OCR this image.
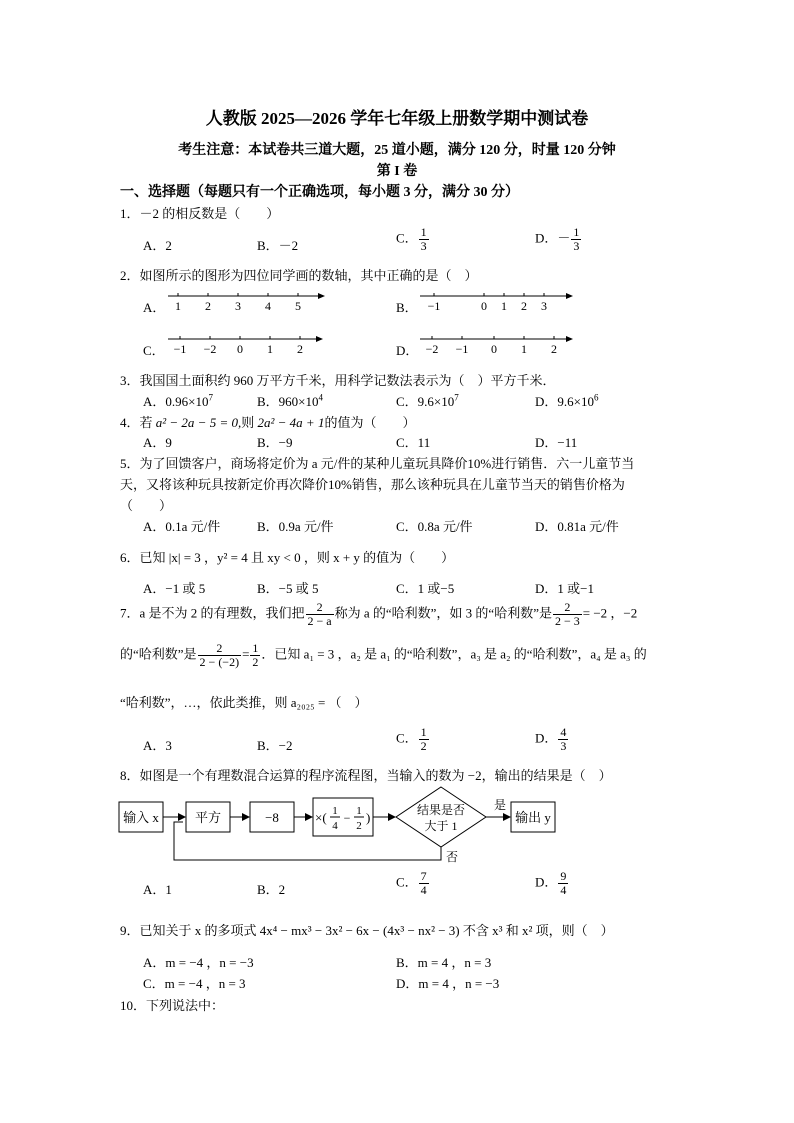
人教版 2025—2026 学年七年级上册数学期中测试卷
考生注意：本试卷共三道大题，25 道小题，满分 120 分，时量 120 分钟
第 I 卷
一、选择题（每题只有一个正确选项，每小题 3 分，满分 30 分）
1．－2 的相反数是（　　）
A．2	B．－2
C． $\frac{1}{3}$	D．－ $\frac{1}{3}$
2．如图所示的图形为四位同学画的数轴，其中正确的是（　）
A．	B．
C．	D．
1 2 3 4 5	−1	0 1 2 3
−1 −2 0 1 2	−2 −1 0 1 2
3．我国国土面积约 960 万平方千米，用科学记数法表示为（　）平方千米．
A．$0.96\times 10^7$	B．$960\times 10^4$	C．$9.6\times 10^7$	D．$9.6\times 10^6$
4．若 a² − 2a − 5 = 0,则 2a² − 4a + 1的值为（　　）
A．9	B．−9	C．11	D．−11
5．为了回馈客户，商场将定价为 a 元/件的某种儿童玩具降价10%进行销售．六一儿童节当
天，又将该种玩具按新定价再次降价10%销售，那么该种玩具在儿童节当天的销售价格为
（　　）
A．0.1a 元/件	B．0.9a 元/件	C．0.8a 元/件	D．0.81a 元/件
6．已知 |x| = 3 ，y² = 4 且 xy < 0 ，则 x + y 的值为（　　）
A．−1 或 5	B．−5 或 5	C．1 或−5	D．1 或−1
7．a 是不为 2 的有理数，我们把 $\frac{2}{2 - a}$ 称为 a 的“哈利数”，如 3 的“哈利数”是 $\frac{2}{2 - 3} = -2$ ，−2
的“哈利数”是 $\frac{2}{2 - (-2)} = \frac{1}{2}$ ．已知 a₁ = 3 ，a₂ 是 a₁ 的“哈利数”，a₃ 是 a₂ 的“哈利数”，a₄ 是 a₃ 的
“哈利数”，…，依此类推，则 a₂₀₂₅ = （　）
A．3	B．−2
C． $\frac{1}{2}$	D． $\frac{4}{3}$
8．如图是一个有理数混合运算的程序流程图，当输入的数为 −2，输出的结果是（　）
输入 x	平方	−8	×( 1
4
− 1
2
)	结果是否
大于 1
是
输出 y
否
A．1	B．2
C． $\frac{7}{4}$	D． $\frac{9}{4}$
9．已知关于 x 的多项式 4x⁴ − mx³ − 3x² − 6x − (4x³ − nx² − 3) 不含 x³ 和 x² 项，则（　）
A．m = −4 ，n = −3	B．m = 4 ，n = 3
C．m = −4 ，n = 3	D．m = 4 ，n = −3
10．下列说法中：
